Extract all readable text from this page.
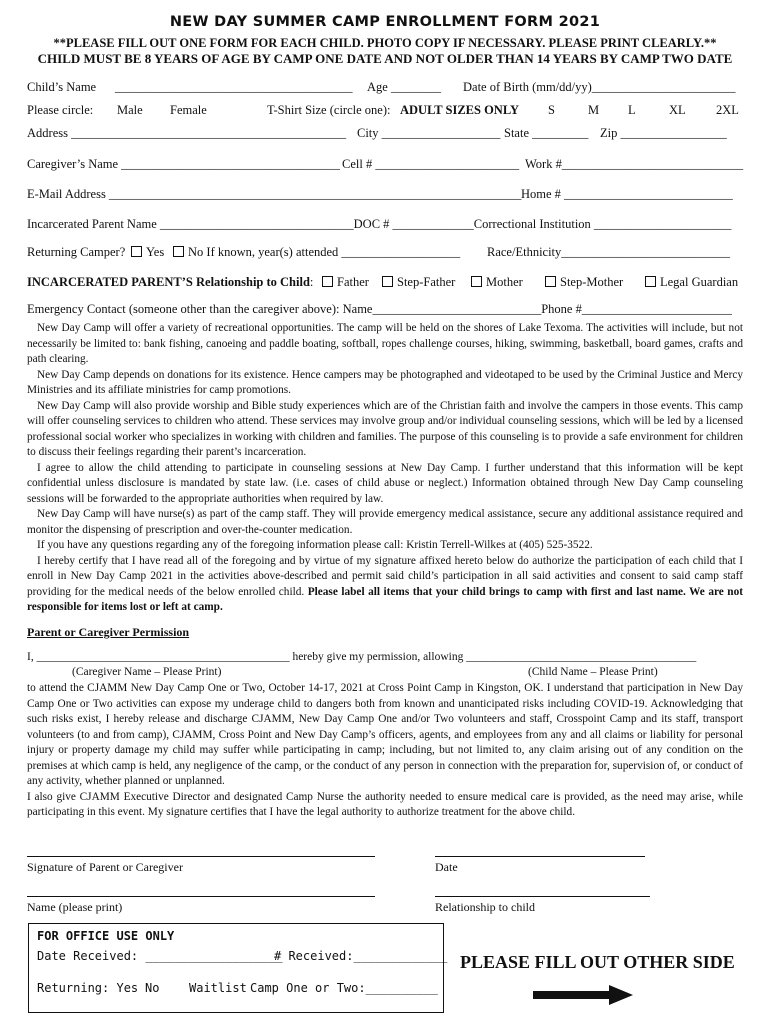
NEW DAY SUMMER CAMP ENROLLMENT FORM 2021
**PLEASE FILL OUT ONE FORM FOR EACH CHILD. PHOTO COPY IF NECESSARY. PLEASE PRINT CLEARLY.**
CHILD MUST BE 8 YEARS OF AGE BY CAMP ONE DATE AND NOT OLDER THAN 14 YEARS BY CAMP TWO DATE
Child’s Name ______________________________________ Age ________ Date of Birth (mm/dd/yy)_______________________
Please circle: Male Female	T-Shirt Size (circle one): ADULT SIZES ONLY S	M L	XL 2XL
Address ____________________________________________ City ___________________ State _________ Zip _________________
Caregiver’s Name ___________________________________ Cell # _______________________ Work #_____________________________
E-Mail Address __________________________________________________________________ Home # ___________________________
Incarcerated Parent Name _______________________________DOC # _____________Correctional Institution ______________________
Returning Camper?	Yes	No If known, year(s) attended ___________________ Race/Ethnicity___________________________
INCARCERATED PARENT’S Relationship to Child:	Father	Step-Father	Mother	Step-Mother	Legal Guardian
Emergency Contact (someone other than the caregiver above): Name___________________________Phone #________________________
New Day Camp will offer a variety of recreational opportunities. The camp will be held on the shores of Lake Texoma. The activities will include, but not necessarily be limited to: bank fishing, canoeing and paddle boating, softball, ropes challenge courses, hiking, swimming, basketball, board games, crafts and path clearing.
New Day Camp depends on donations for its existence. Hence campers may be photographed and videotaped to be used by the Criminal Justice and Mercy Ministries and its affiliate ministries for camp promotions.
New Day Camp will also provide worship and Bible study experiences which are of the Christian faith and involve the campers in those events. This camp will offer counseling services to children who attend. These services may involve group and/or individual counseling sessions, which will be led by a licensed professional social worker who specializes in working with children and families. The purpose of this counseling is to provide a safe environment for children to discuss their feelings regarding their parent’s incarceration.
I agree to allow the child attending to participate in counseling sessions at New Day Camp. I further understand that this information will be kept confidential unless disclosure is mandated by state law. (i.e. cases of child abuse or neglect.) Information obtained through New Day Camp counseling sessions will be forwarded to the appropriate authorities when required by law.
New Day Camp will have nurse(s) as part of the camp staff. They will provide emergency medical assistance, secure any additional assistance required and monitor the dispensing of prescription and over-the-counter medication.
If you have any questions regarding any of the foregoing information please call: Kristin Terrell-Wilkes at (405) 525-3522.
I hereby certify that I have read all of the foregoing and by virtue of my signature affixed hereto below do authorize the participation of each child that I enroll in New Day Camp 2021 in the activities above-described and permit said child’s participation in all said activities and consent to said camp staff providing for the medical needs of the below enrolled child. Please label all items that your child brings to camp with first and last name. We are not responsible for items lost or left at camp.
Parent or Caregiver Permission
I, ____________________________________________ hereby give my permission, allowing ________________________________________
(Caregiver Name – Please Print)	(Child Name – Please Print)
to attend the CJAMM New Day Camp One or Two, October 14-17, 2021 at Cross Point Camp in Kingston, OK. I understand that participation in New Day Camp One or Two activities can expose my underage child to dangers both from known and unanticipated risks including COVID-19. Acknowledging that such risks exist, I hereby release and discharge CJAMM, New Day Camp One and/or Two volunteers and staff, Crosspoint Camp and its staff, transport volunteers (to and from camp), CJAMM, Cross Point and New Day Camp’s officers, agents, and employees from any and all claims or liability for personal injury or property damage my child may suffer while participating in camp; including, but not limited to, any claim arising out of any condition on the premises at which camp is held, any negligence of the camp, or the conduct of any person in connection with the preparation for, supervision of, or conduct of any activity, whether planned or unplanned.
I also give CJAMM Executive Director and designated Camp Nurse the authority needed to ensure medical care is provided, as the need may arise, while participating in this event. My signature certifies that I have the legal authority to authorize treatment for the above child.
Signature of Parent or Caregiver	Date
Name (please print)	Relationship to child
FOR OFFICE USE ONLY
Date Received: ___________________
# Received:_____________
Returning: Yes No Waitlist Camp One or Two:__________
PLEASE FILL OUT OTHER SIDE
